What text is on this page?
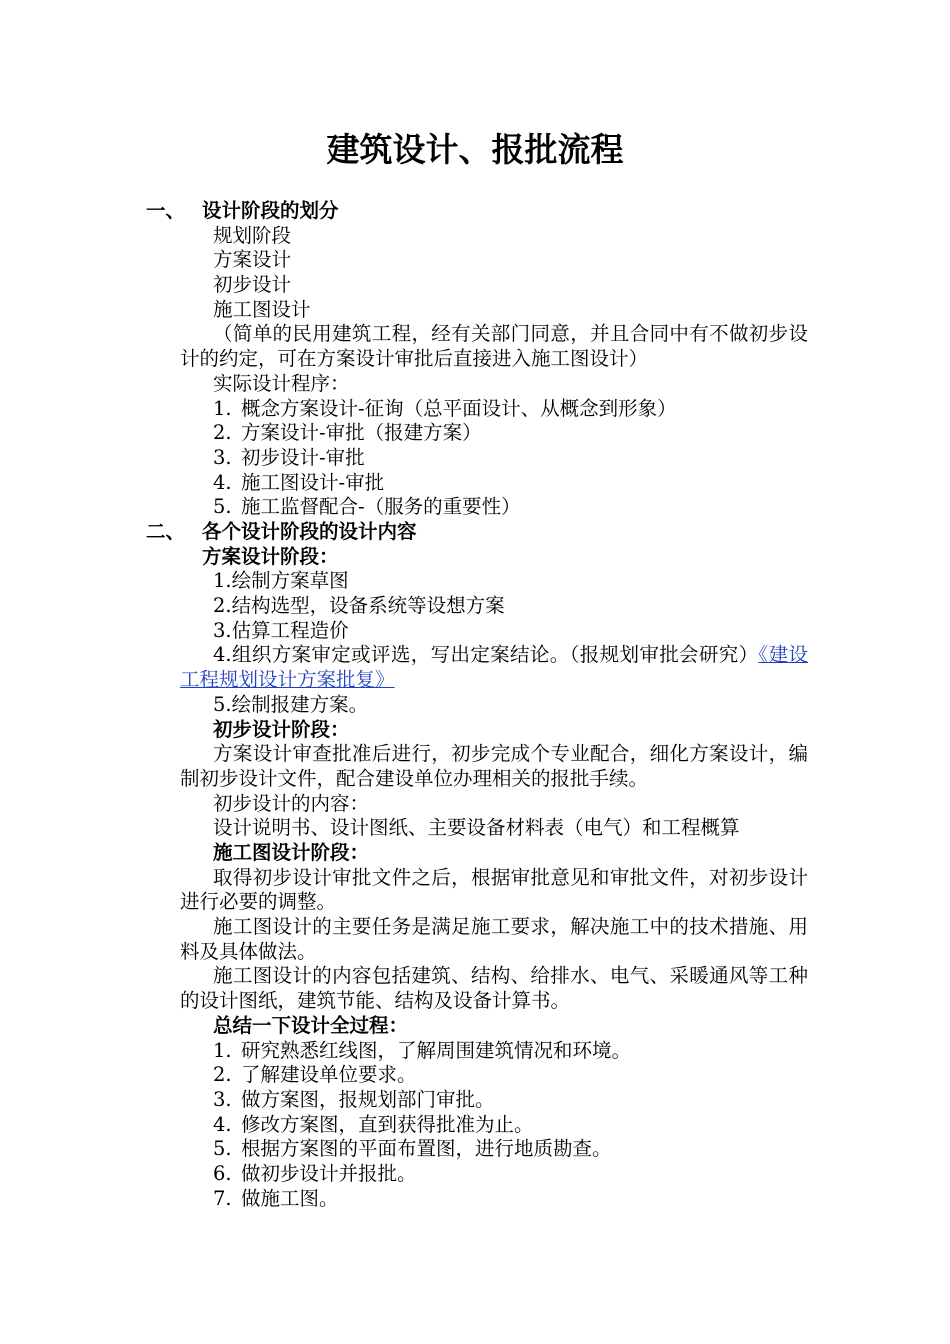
建筑设计、报批流程
一、 设计阶段的划分
规划阶段
方案设计
初步设计
施工图设计
（简单的民用建筑工程，经有关部门同意，并且合同中有不做初步设计的约定，可在方案设计审批后直接进入施工图设计）
实际设计程序：
1. 概念方案设计-征询（总平面设计、从概念到形象）
2. 方案设计-审批（报建方案）
3. 初步设计-审批
4. 施工图设计-审批
5. 施工监督配合-（服务的重要性）
二、 各个设计阶段的设计内容
方案设计阶段：
1.绘制方案草图
2.结构选型，设备系统等设想方案
3.估算工程造价
4.组织方案审定或评选，写出定案结论。（报规划审批会研究）《建设工程规划设计方案批复》
5.绘制报建方案。
初步设计阶段：
方案设计审查批准后进行，初步完成个专业配合，细化方案设计，编制初步设计文件，配合建设单位办理相关的报批手续。
初步设计的内容：
设计说明书、设计图纸、主要设备材料表（电气）和工程概算
施工图设计阶段：
取得初步设计审批文件之后，根据审批意见和审批文件，对初步设计进行必要的调整。
施工图设计的主要任务是满足施工要求，解决施工中的技术措施、用料及具体做法。
施工图设计的内容包括建筑、结构、给排水、电气、采暖通风等工种的设计图纸，建筑节能、结构及设备计算书。
总结一下设计全过程：
1. 研究熟悉红线图，了解周围建筑情况和环境。
2. 了解建设单位要求。
3. 做方案图，报规划部门审批。
4. 修改方案图，直到获得批准为止。
5. 根据方案图的平面布置图，进行地质勘查。
6. 做初步设计并报批。
7. 做施工图。
